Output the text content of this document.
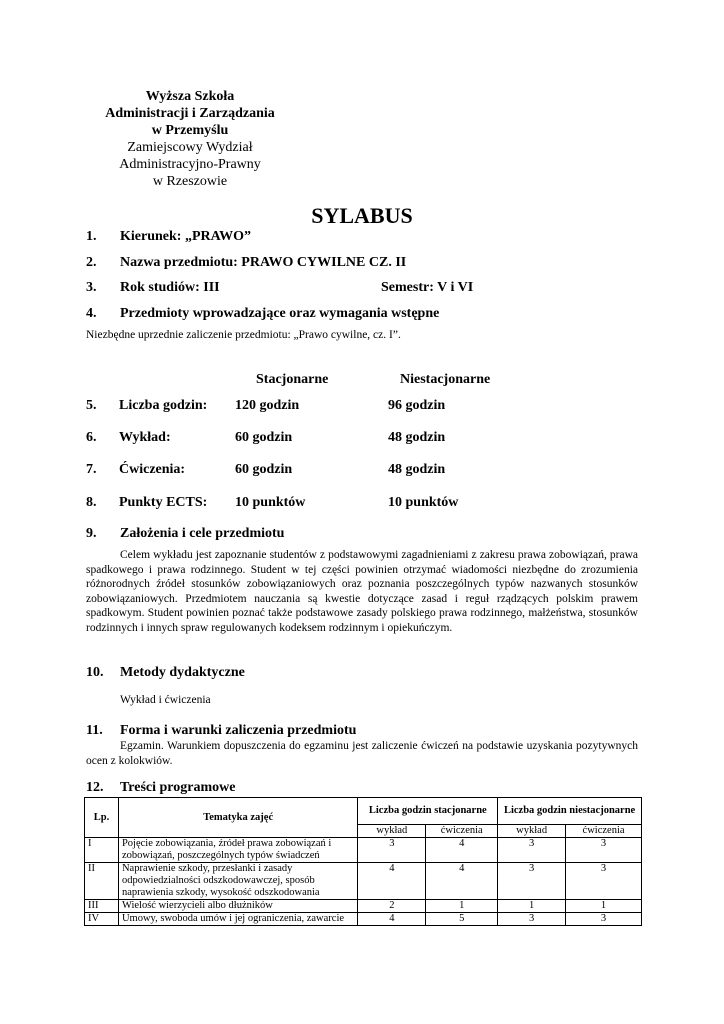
Wyższa Szkoła
Administracji i Zarządzania
w Przemyślu
Zamiejscowy Wydział
Administracyjno-Prawny
w Rzeszowie
SYLABUS
1. Kierunek: „PRAWO”
2. Nazwa przedmiotu: PRAWO CYWILNE CZ. II
3. Rok studiów: III	Semestr: V i VI
4. Przedmioty wprowadzające oraz wymagania wstępne
Niezbędne uprzednie zaliczenie przedmiotu: „Prawo cywilne, cz. I”.
Stacjonarne	Niestacjonarne
5. Liczba godzin: 120 godzin	96 godzin
6. Wykład:	60 godzin	48 godzin
7. Ćwiczenia:	60 godzin	48 godzin
8. Punkty ECTS: 10 punktów	10 punktów
9. Założenia i cele przedmiotu
Celem wykładu jest zapoznanie studentów z podstawowymi zagadnieniami z zakresu prawa zobowiązań, prawa spadkowego i prawa rodzinnego. Student w tej części powinien otrzymać wiadomości niezbędne do zrozumienia różnorodnych źródeł stosunków zobowiązaniowych oraz poznania poszczególnych typów nazwanych stosunków zobowiązaniowych. Przedmiotem nauczania są kwestie dotyczące zasad i reguł rządzących polskim prawem spadkowym. Student powinien poznać także podstawowe zasady polskiego prawa rodzinnego, małżeństwa, stosunków rodzinnych i innych spraw regulowanych kodeksem rodzinnym i opiekuńczym.
10. Metody dydaktyczne
Wykład i ćwiczenia
11. Forma i warunki zaliczenia przedmiotu
Egzamin. Warunkiem dopuszczenia do egzaminu jest zaliczenie ćwiczeń na podstawie uzyskania pozytywnych ocen z kolokwiów.
12. Treści programowe
Lp.	Tematyka zajęć	Liczba godzin stacjonarne		Liczba godzin niestacjonarne	
		wykład	ćwiczenia	wykład	ćwiczenia
I	Pojęcie zobowiązania, źródeł prawa zobowiązań i zobowiązań, poszczególnych typów świadczeń	3	4	3	3
II	Naprawienie szkody, przesłanki i zasady odpowiedzialności odszkodowawczej, sposób naprawienia szkody, wysokość odszkodowania	4	4	3	3
III	Wielość wierzycieli albo dłużników	2	1	1	1
IV	Umowy, swoboda umów i jej ograniczenia, zawarcie	4	5	3	3
